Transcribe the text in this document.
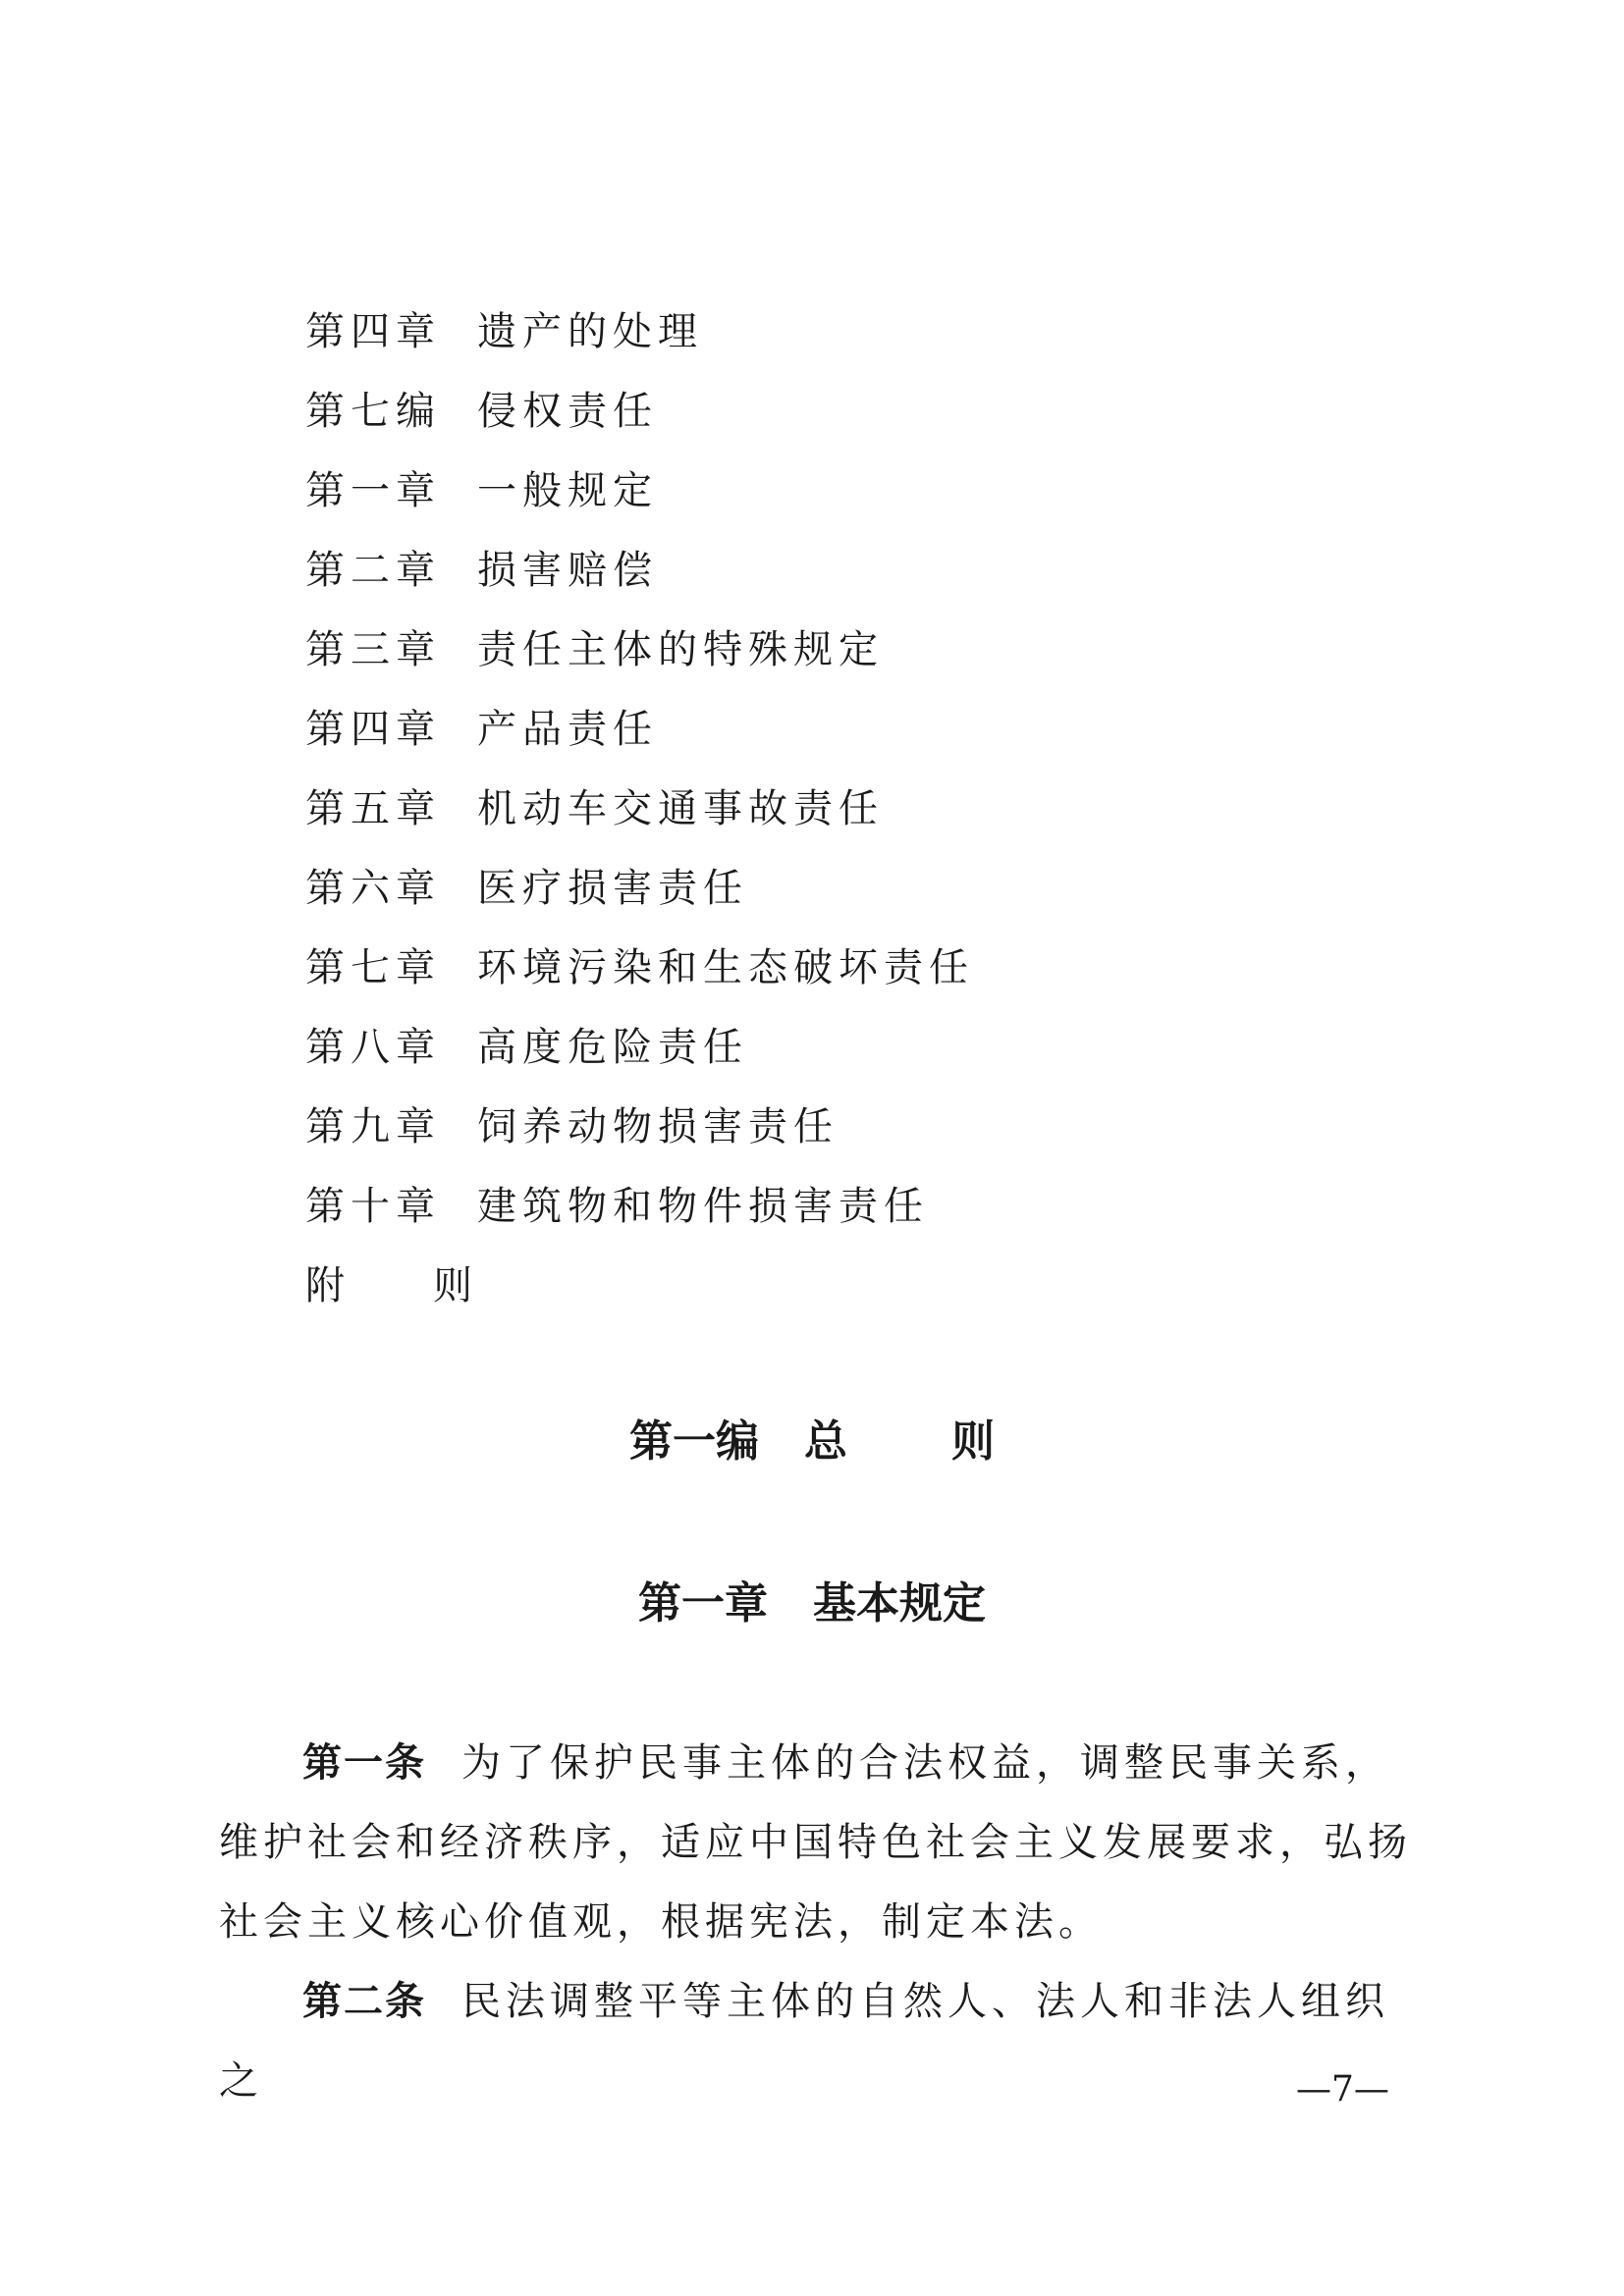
第四章 遗产的处理
第七编 侵权责任
第一章 一般规定
第二章 损害赔偿
第三章 责任主体的特殊规定
第四章 产品责任
第五章 机动车交通事故责任
第六章 医疗损害责任
第七章 环境污染和生态破坏责任
第八章 高度危险责任
第九章 饲养动物损害责任
第十章 建筑物和物件损害责任
附 则
第一编 总 则
第一章 基本规定

第一条 为了保护民事主体的合法权益，调整民事关系，维护社会和经济秩序，适应中国特色社会主义发展要求，弘扬社会主义核心价值观，根据宪法，制定本法。

第二条 民法调整平等主体的自然人、法人和非法人组织之	—7—
